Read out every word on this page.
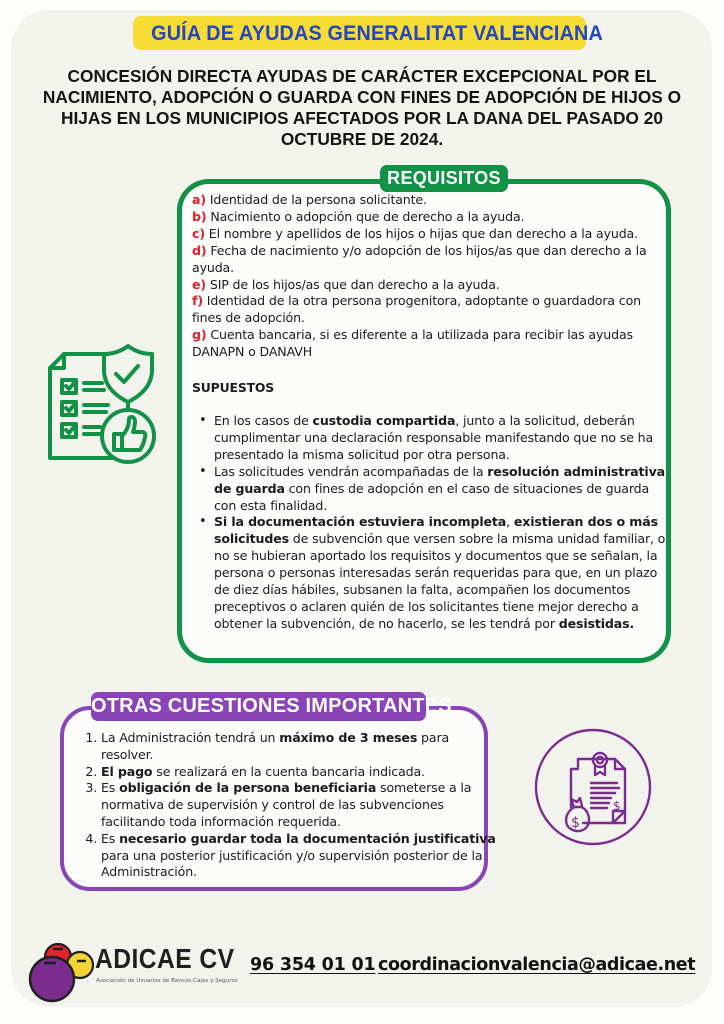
GUÍA DE AYUDAS GENERALITAT VALENCIANA
CONCESIÓN DIRECTA AYUDAS DE CARÁCTER EXCEPCIONAL POR EL NACIMIENTO, ADOPCIÓN O GUARDA CON FINES DE ADOPCIÓN DE HIJOS O HIJAS EN LOS MUNICIPIOS AFECTADOS POR LA DANA DEL PASADO 20 OCTUBRE DE 2024.
REQUISITOS

a) Identidad de la persona solicitante.

b) Nacimiento o adopción que de derecho a la ayuda.

c) El nombre y apellidos de los hijos o hijas que dan derecho a la ayuda.

d) Fecha de nacimiento y/o adopción de los hijos/as que dan derecho a la ayuda.

e) SIP de los hijos/as que dan derecho a la ayuda.

f) Identidad de la otra persona progenitora, adoptante o guardadora con fines de adopción.

g) Cuenta bancaria, si es diferente a la utilizada para recibir las ayudas DANAPN o DANAVH

SUPUESTOS
• En los casos de custodia compartida, junto a la solicitud, deberán cumplimentar una declaración responsable manifestando que no se ha presentado la misma solicitud por otra persona.
• Las solicitudes vendrán acompañadas de la resolución administrativa de guarda con fines de adopción en el caso de situaciones de guarda con esta finalidad.
• Si la documentación estuviera incompleta, existieran dos o más solicitudes de subvención que versen sobre la misma unidad familiar, o no se hubieran aportado los requisitos y documentos que se señalan, la persona o personas interesadas serán requeridas para que, en un plazo de diez días hábiles, subsanen la falta, acompañen los documentos preceptivos o aclaren quién de los solicitantes tiene mejor derecho a obtener la subvención, de no hacerlo, se les tendrá por desistidas.
OTRAS CUESTIONES IMPORTANTES
1. La Administración tendrá un máximo de 3 meses para resolver.
2. El pago se realizará en la cuenta bancaria indicada.
3. Es obligación de la persona beneficiaria someterse a la normativa de supervisión y control de las subvenciones facilitando toda información requerida.
4. Es necesario guardar toda la documentación justificativa para una posterior justificación y/o supervisión posterior de la Administración.
$
$
ADICAE CV
Asociación de Usuarios de Bancos,Cajas y Seguros
96 354 01 01 coordinacionvalencia@adicae.net
